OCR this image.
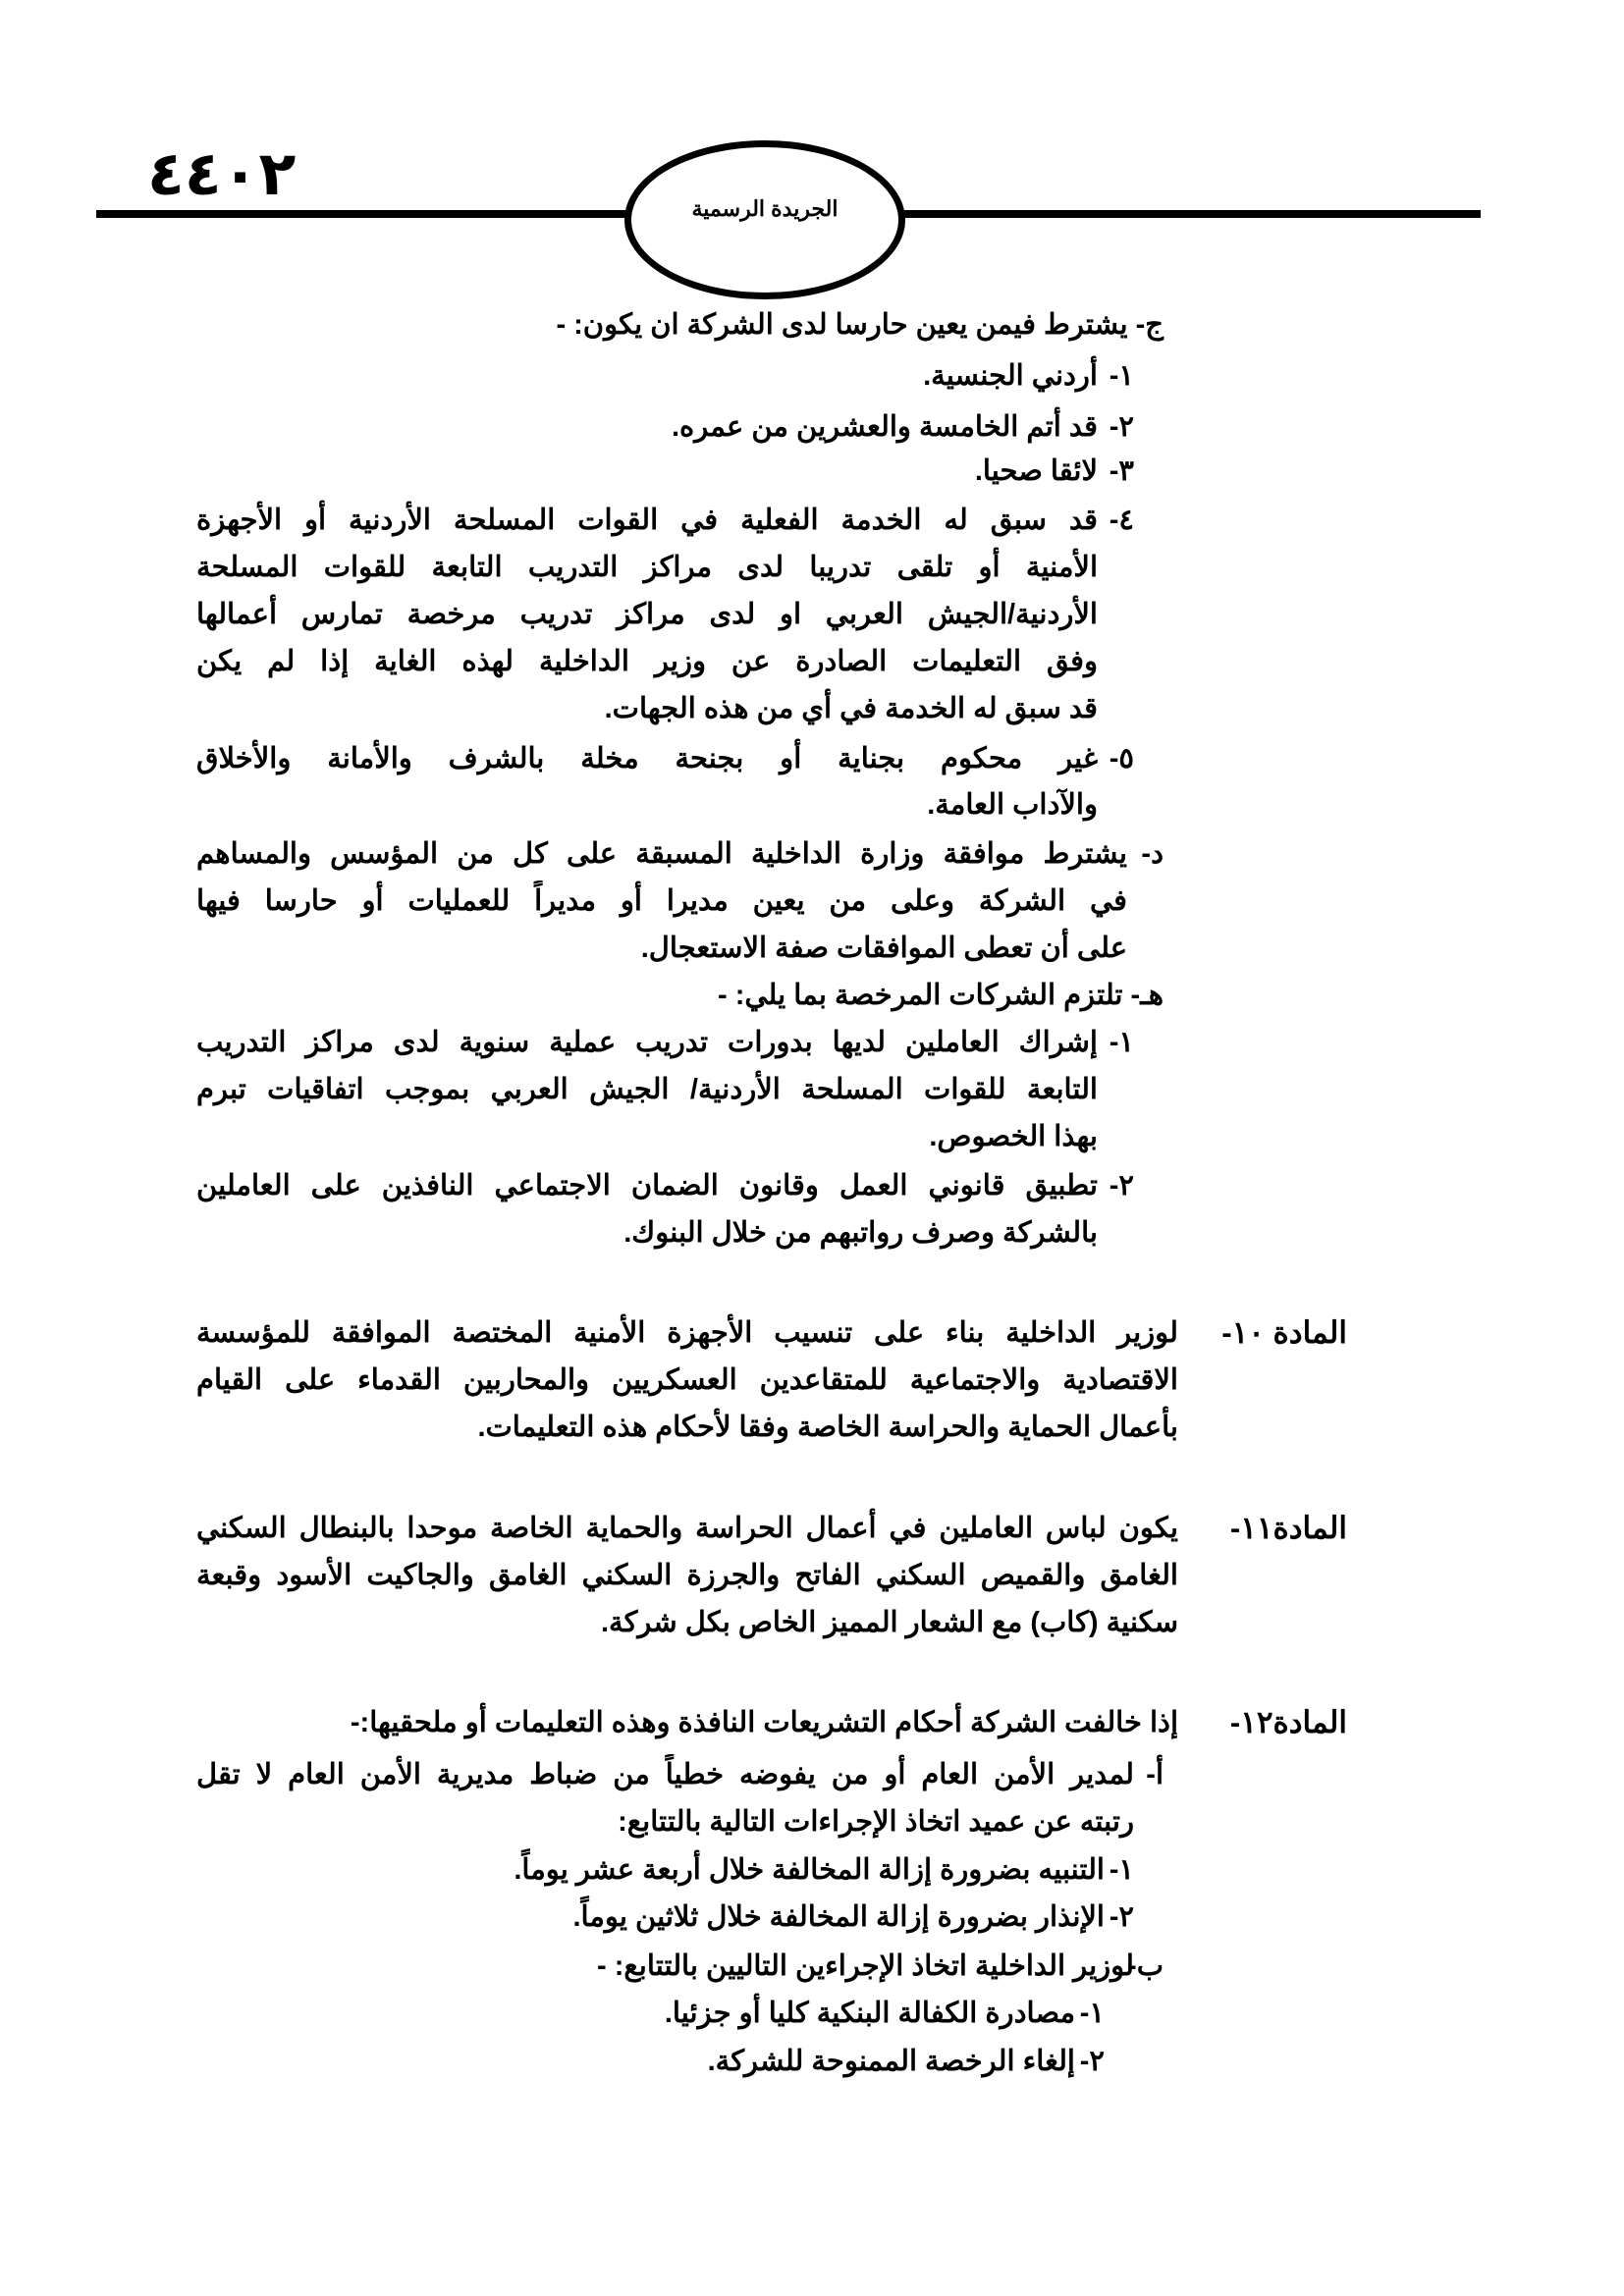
٤٤٠٢	الجريدة الرسمية
ج- يشترط فيمن يعين حارسا لدى الشركة ان يكون: -
١-
أردني الجنسية.
٢-
قد أتم الخامسة والعشرين من عمره.
٣-
لائقا صحيا.
٤-
قد سبق له الخدمة الفعلية في القوات المسلحة الأردنية أو الأجهزة
الأمنية أو تلقى تدريبا لدى مراكز التدريب التابعة للقوات المسلحة
الأردنية/الجيش العربي او لدى مراكز تدريب مرخصة تمارس أعمالها
وفق التعليمات الصادرة عن وزير الداخلية لهذه الغاية إذا لم يكن
قد سبق له الخدمة في أي من هذه الجهات.
٥-
غير محكوم بجناية أو بجنحة مخلة بالشرف والأمانة والأخلاق
والآداب العامة.
د-
يشترط موافقة وزارة الداخلية المسبقة على كل من المؤسس والمساهم
في الشركة وعلى من يعين مديرا أو مديراً للعمليات أو حارسا فيها
على أن تعطى الموافقات صفة الاستعجال.
هـ- تلتزم الشركات المرخصة بما يلي: -
١-
إشراك العاملين لديها بدورات تدريب عملية سنوية لدى مراكز التدريب
التابعة للقوات المسلحة الأردنية/ الجيش العربي بموجب اتفاقيات تبرم
بهذا الخصوص.
٢-
تطبيق قانوني العمل وقانون الضمان الاجتماعي النافذين على العاملين
بالشركة وصرف رواتبهم من خلال البنوك.
المادة ١٠-
لوزير الداخلية بناء على تنسيب الأجهزة الأمنية المختصة الموافقة للمؤسسة
الاقتصادية والاجتماعية للمتقاعدين العسكريين والمحاربين القدماء على القيام
بأعمال الحماية والحراسة الخاصة وفقا لأحكام هذه التعليمات.
المادة١١-
يكون لباس العاملين في أعمال الحراسة والحماية الخاصة موحدا بالبنطال السكني
الغامق والقميص السكني الفاتح والجرزة السكني الغامق والجاكيت الأسود وقبعة
سكنية (كاب) مع الشعار المميز الخاص بكل شركة.
المادة١٢-
إذا خالفت الشركة أحكام التشريعات النافذة وهذه التعليمات أو ملحقيها:-
أ-
لمدير الأمن العام أو من يفوضه خطياً من ضباط مديرية الأمن العام لا تقل
رتبته عن عميد اتخاذ الإجراءات التالية بالتتابع:
١-
التنبيه بضرورة إزالة المخالفة خلال أربعة عشر يوماً.
٢-
الإنذار بضرورة إزالة المخالفة خلال ثلاثين يوماً.
ب-
لوزير الداخلية اتخاذ الإجراءين التاليين بالتتابع: -
١-
مصادرة الكفالة البنكية كليا أو جزئيا.
٢-
إلغاء الرخصة الممنوحة للشركة.
